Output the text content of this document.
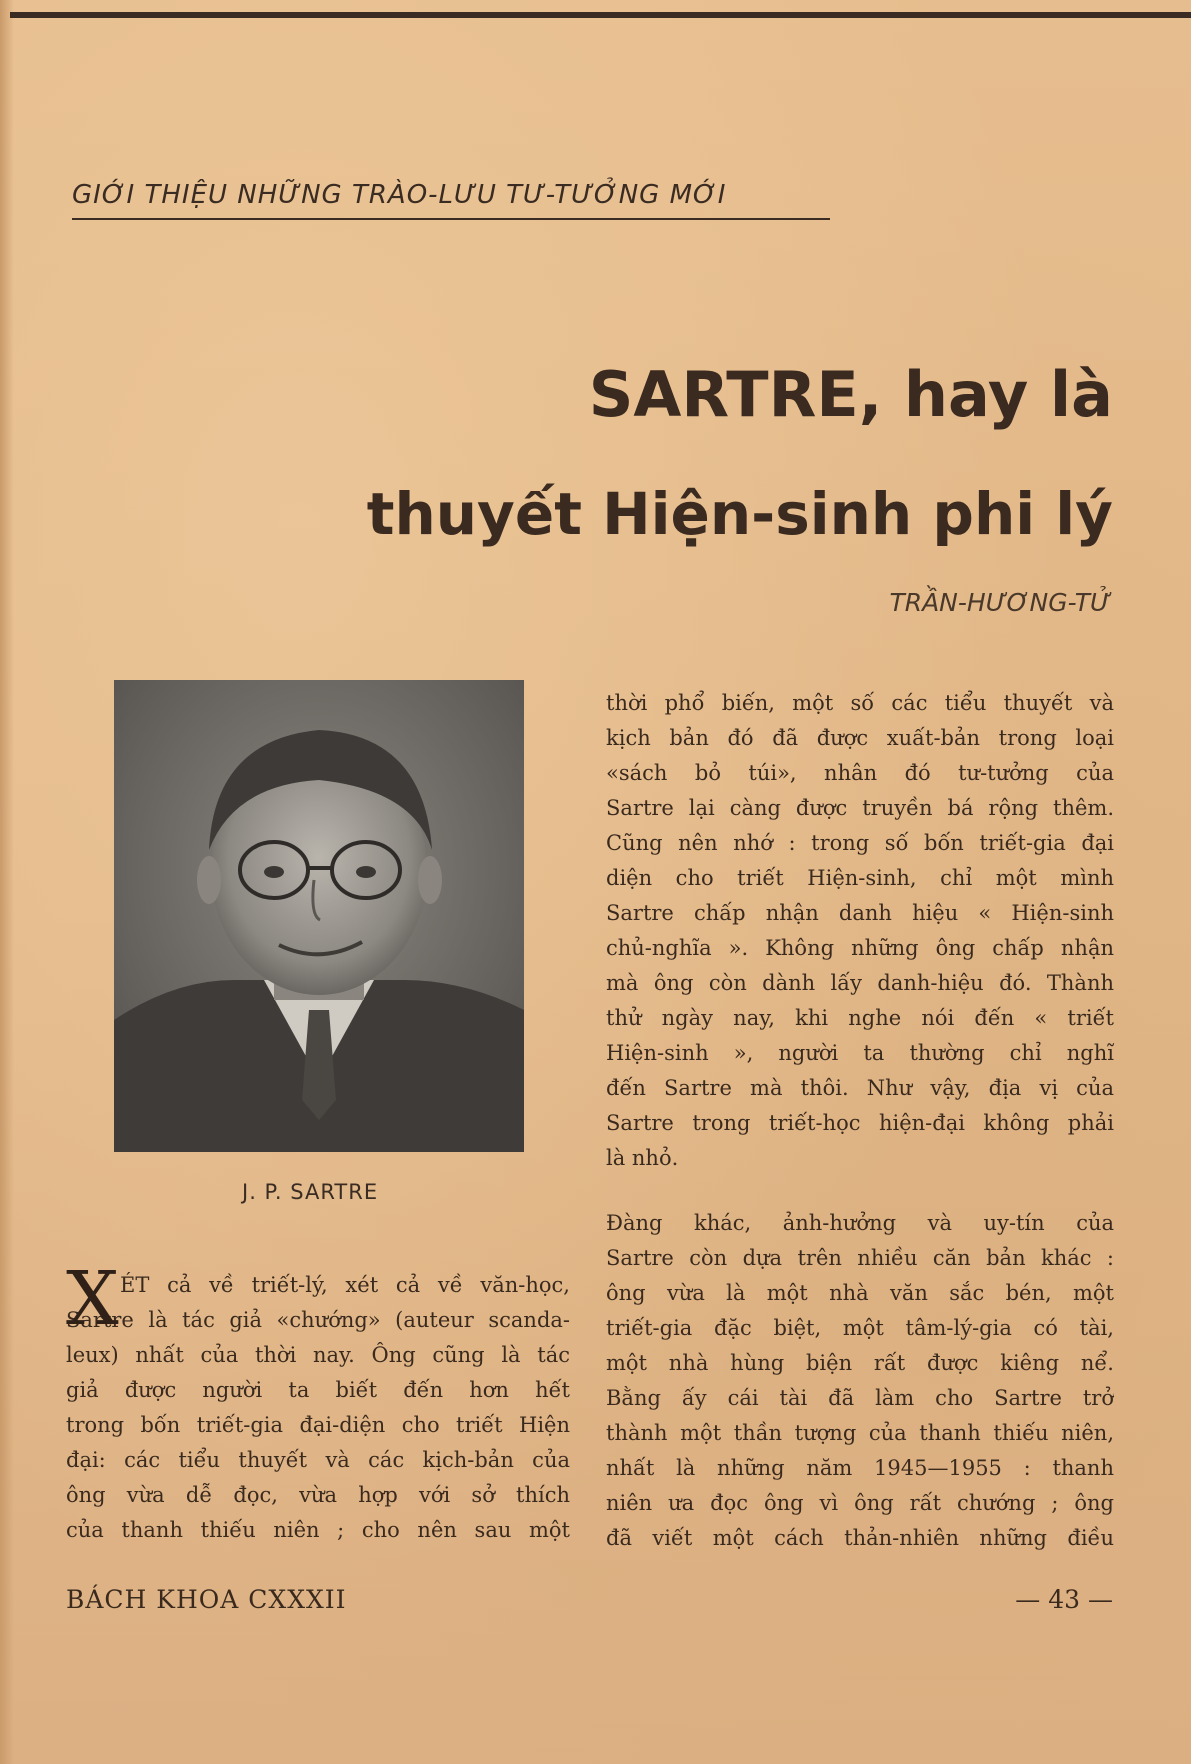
GIỚI THIỆU NHỮNG TRÀO-LƯU TƯ-TƯỞNG MỚI
SARTRE, hay là
thuyết Hiện-sinh phi lý
TRẦN-HƯƠNG-TỬ
J. P. SARTRE
X ÉT cả về triết-lý, xét cả về văn-học,
Sartre là tác giả «chướng» (auteur scanda-
leux) nhất của thời nay. Ông cũng là tác
giả được người ta biết đến hơn hết
trong bốn triết-gia đại-diện cho triết Hiện
đại: các tiểu thuyết và các kịch-bản của
ông vừa dễ đọc, vừa hợp với sở thích
của thanh thiếu niên ; cho nên sau một
thời phổ biến, một số các tiểu thuyết và
kịch bản đó đã được xuất-bản trong loại
«sách bỏ túi», nhân đó tư-tưởng của
Sartre lại càng được truyền bá rộng thêm.
Cũng nên nhớ : trong số bốn triết-gia đại
diện cho triết Hiện-sinh, chỉ một mình
Sartre chấp nhận danh hiệu « Hiện-sinh
chủ-nghĩa ». Không những ông chấp nhận
mà ông còn dành lấy danh-hiệu đó. Thành
thử ngày nay, khi nghe nói đến « triết
Hiện-sinh », người ta thường chỉ nghĩ
đến Sartre mà thôi. Như vậy, địa vị của
Sartre trong triết-học hiện-đại không phải
là nhỏ.
Đàng khác, ảnh-hưởng và uy-tín của
Sartre còn dựa trên nhiều căn bản khác :
ông vừa là một nhà văn sắc bén, một
triết-gia đặc biệt, một tâm-lý-gia có tài,
một nhà hùng biện rất được kiêng nể.
Bằng ấy cái tài đã làm cho Sartre trở
thành một thần tượng của thanh thiếu niên,
nhất là những năm 1945—1955 : thanh
niên ưa đọc ông vì ông rất chướng ; ông
đã viết một cách thản-nhiên những điều
BÁCH KHOA CXXXII	— 43 —
